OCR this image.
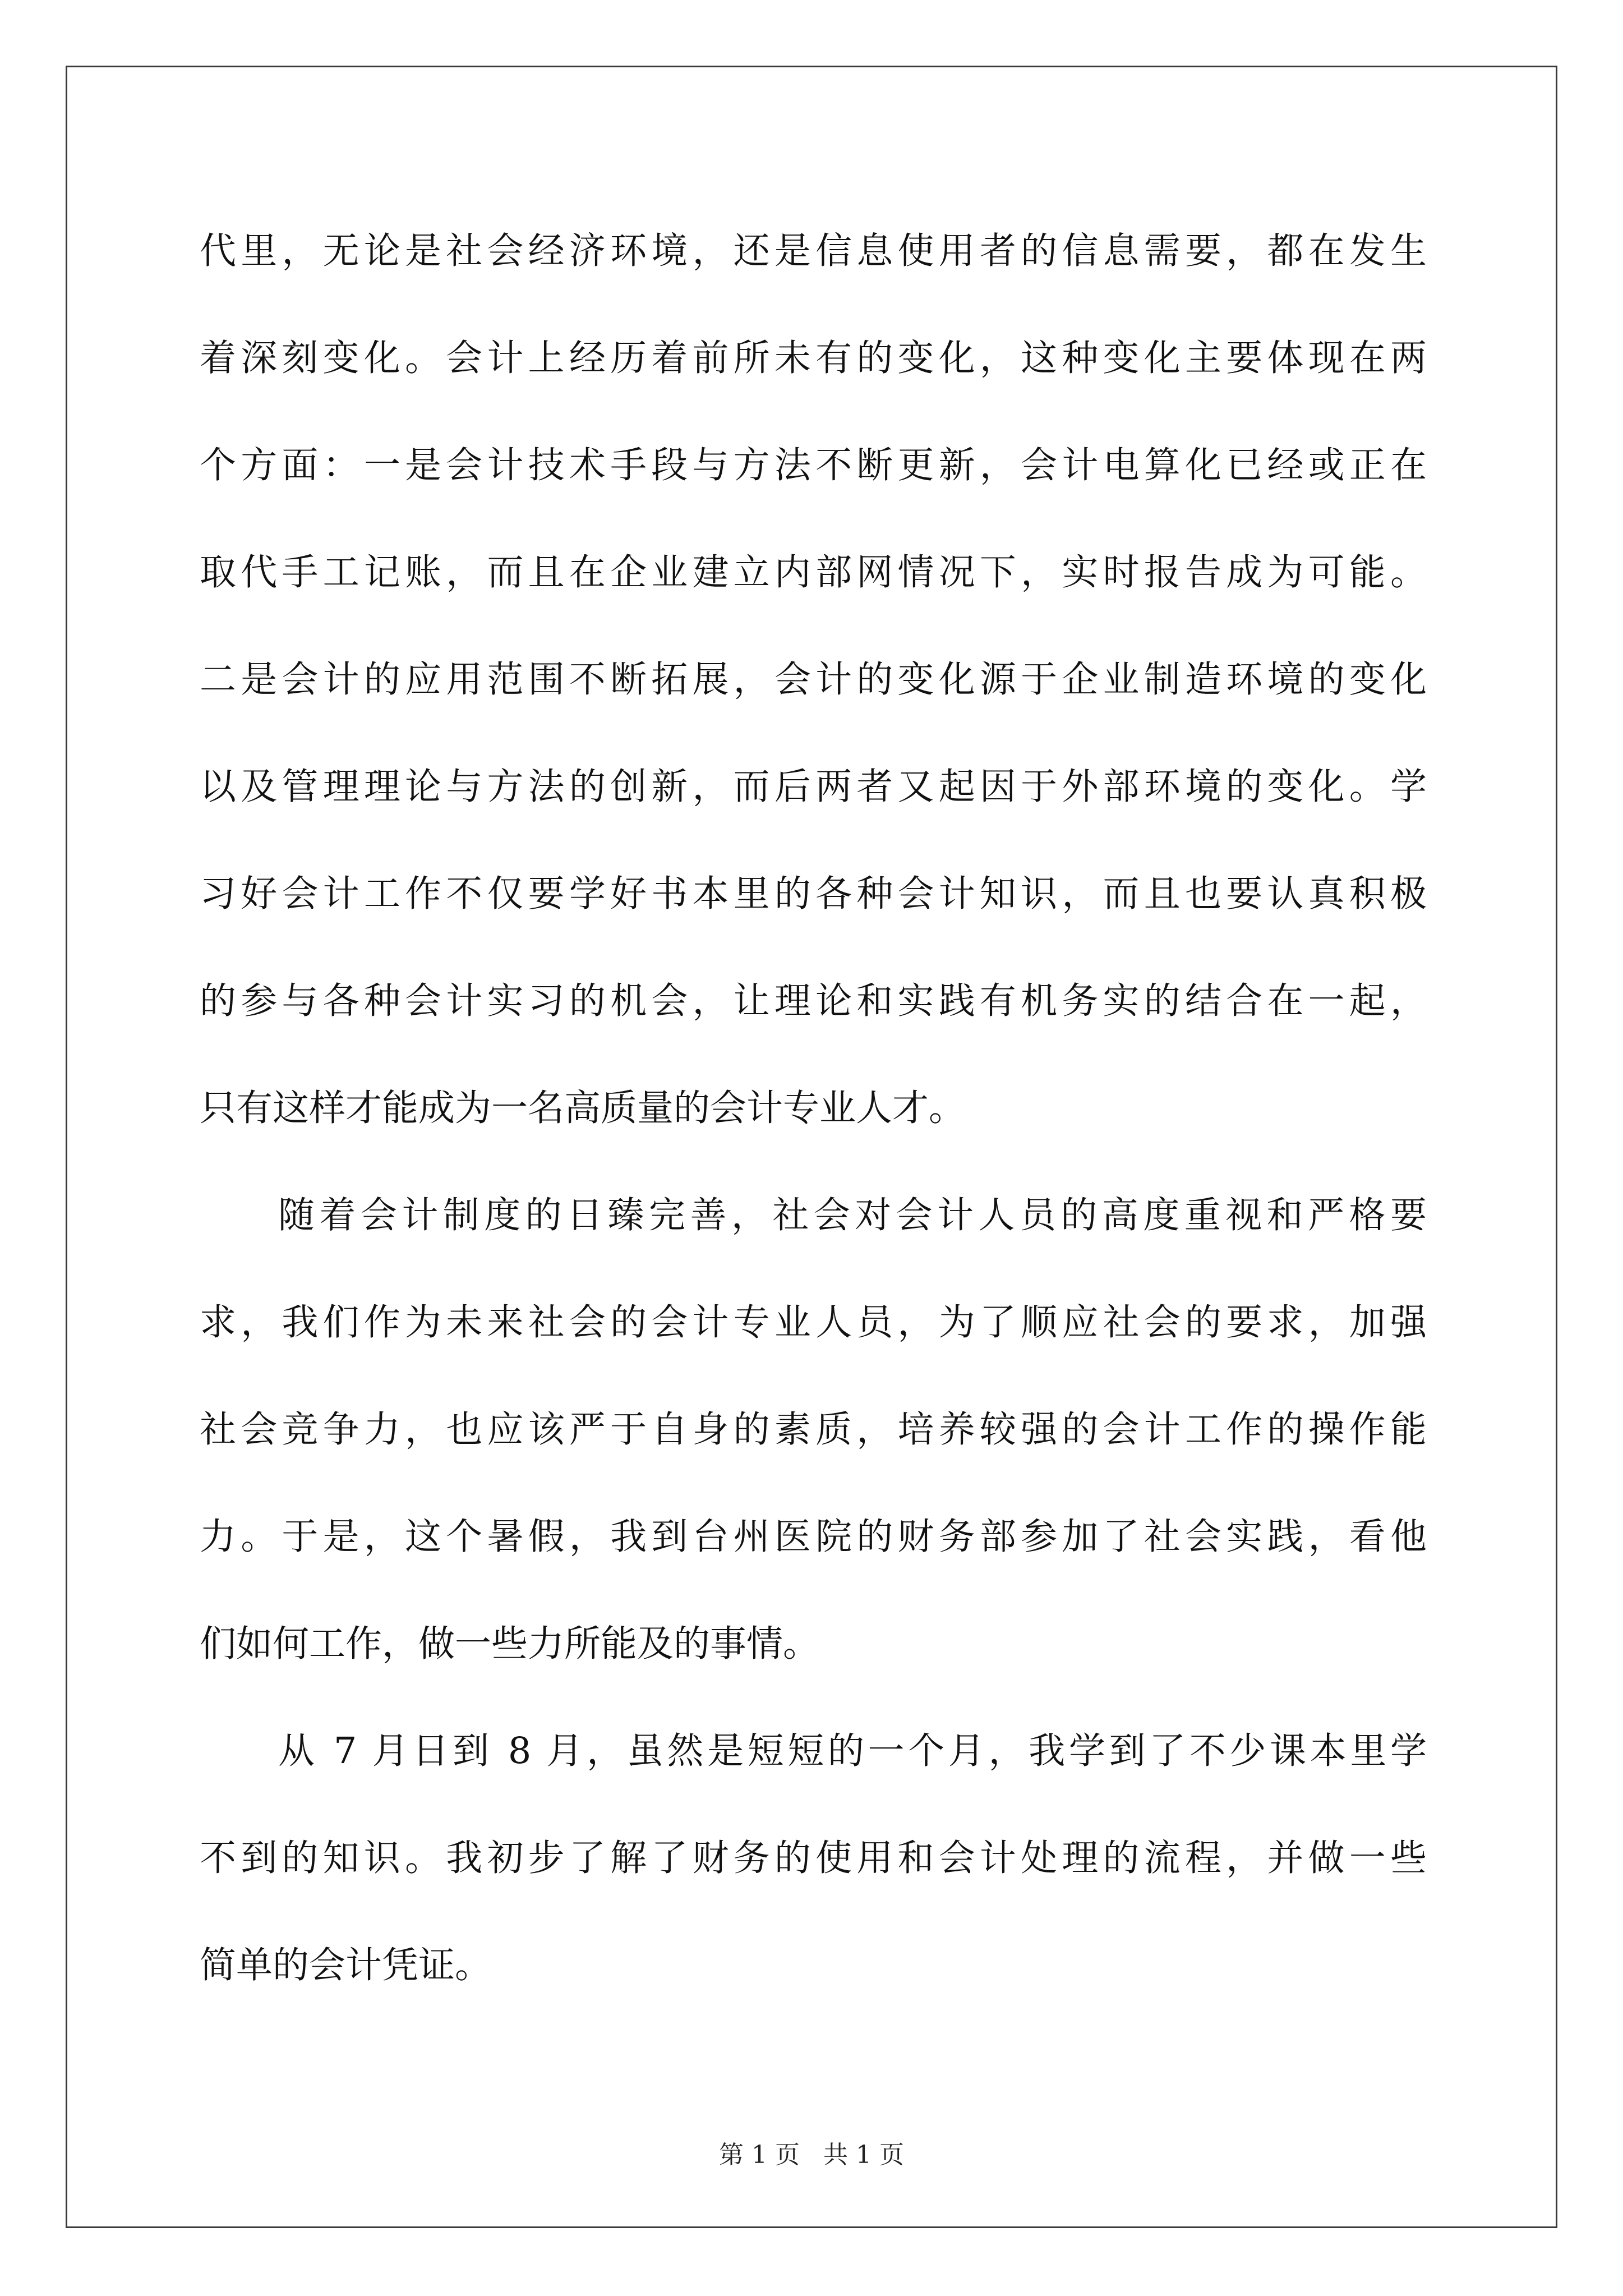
代里，无论是社会经济环境，还是信息使用者的信息需要，都在发生
着深刻变化。会计上经历着前所未有的变化，这种变化主要体现在两
个方面：一是会计技术手段与方法不断更新，会计电算化已经或正在
取代手工记账，而且在企业建立内部网情况下，实时报告成为可能。
二是会计的应用范围不断拓展，会计的变化源于企业制造环境的变化
以及管理理论与方法的创新，而后两者又起因于外部环境的变化。学
习好会计工作不仅要学好书本里的各种会计知识，而且也要认真积极
的参与各种会计实习的机会，让理论和实践有机务实的结合在一起，
只有这样才能成为一名高质量的会计专业人才。
随着会计制度的日臻完善，社会对会计人员的高度重视和严格要
求，我们作为未来社会的会计专业人员，为了顺应社会的要求，加强
社会竞争力，也应该严于自身的素质，培养较强的会计工作的操作能
力。于是，这个暑假，我到台州医院的财务部参加了社会实践，看他
们如何工作，做一些力所能及的事情。
从 7 月日到 8 月，虽然是短短的一个月，我学到了不少课本里学
不到的知识。我初步了解了财务的使用和会计处理的流程，并做一些
简单的会计凭证。
第 1 页 共 1 页
